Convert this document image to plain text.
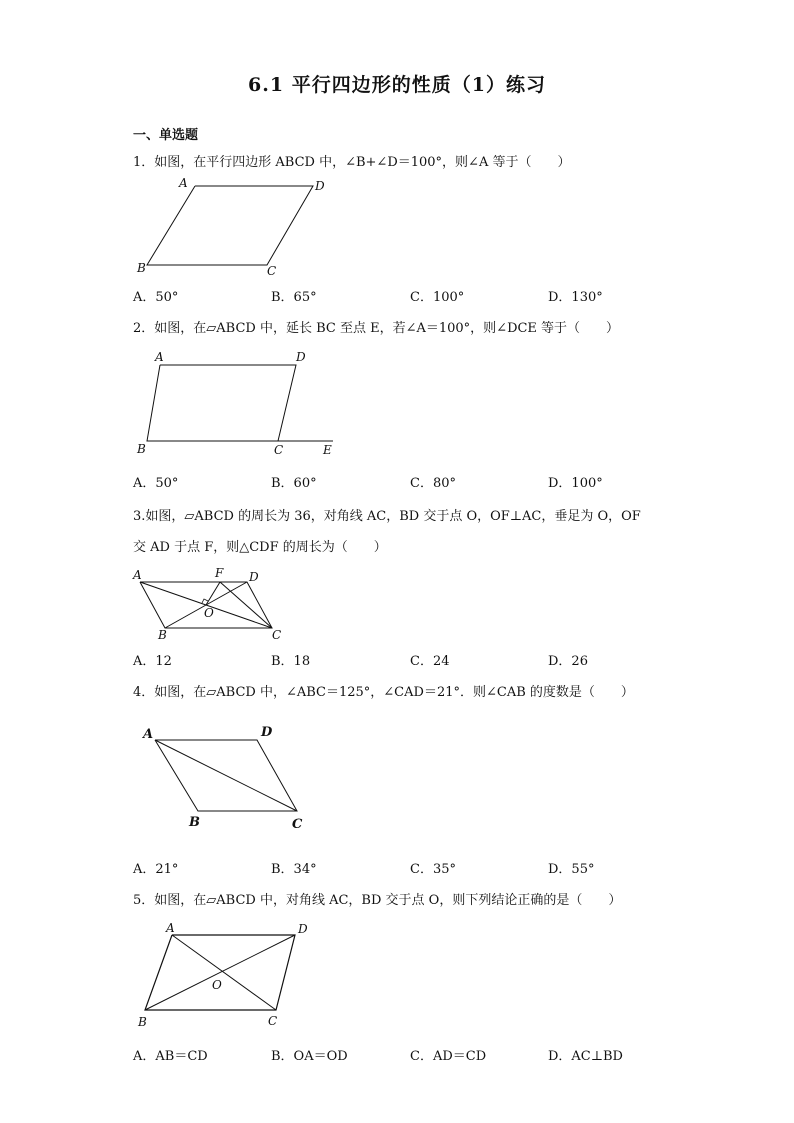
6.1 平行四边形的性质（1）练习
一、单选题
1．如图，在平行四边形 ABCD 中，∠B+∠D＝100°，则∠A 等于（　　）
A	D
B	C
A．50°	B．65°	C．100°	D．130°
2．如图，在▱ABCD 中，延长 BC 至点 E，若∠A＝100°，则∠DCE 等于（　　）
A	D
B	C	E
A．50°	B．60°	C．80°	D．100°
3.如图，▱ABCD 的周长为 36，对角线 AC，BD 交于点 O，OF⊥AC，垂足为 O，OF
交 AD 于点 F，则△CDF 的周长为（　　）
A	F D
O
B	C
A．12	B．18	C．24	D．26
4．如图，在▱ABCD 中，∠ABC＝125°，∠CAD＝21°．则∠CAB 的度数是（　　）
A	D
B	C
A．21°	B．34°	C．35°	D．55°
5．如图，在▱ABCD 中，对角线 AC，BD 交于点 O，则下列结论正确的是（　　）
A	D
O
B	C
A．AB＝CD	B．OA＝OD	C．AD＝CD	D．AC⊥BD
